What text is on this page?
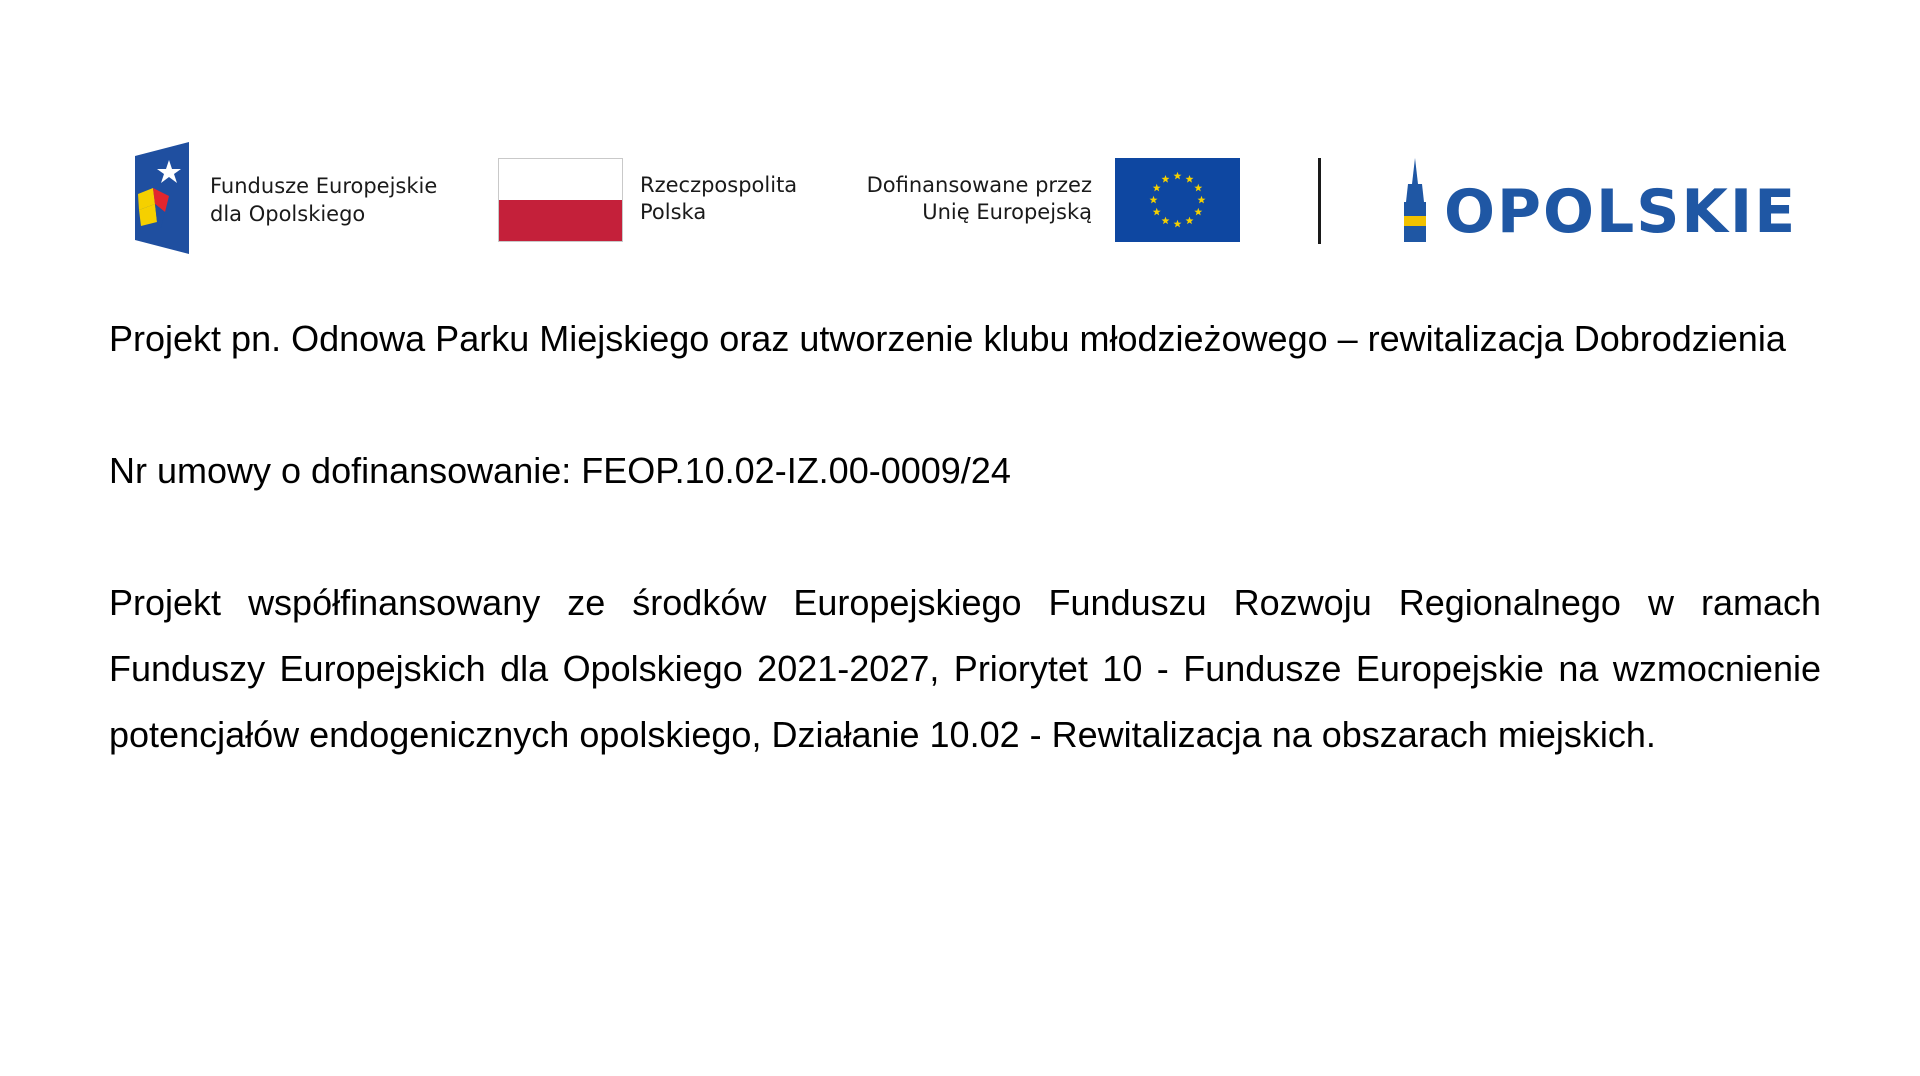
Fundusze Europejskie
dla Opolskiego
Rzeczpospolita
Polska
Dofinansowane przez
Unię Europejską	OPOLSKIE

Projekt pn. Odnowa Parku Miejskiego oraz utworzenie klubu młodzieżowego – rewitalizacja Dobrodzienia

Nr umowy o dofinansowanie: FEOP.10.02-IZ.00-0009/24

Projekt współfinansowany ze środków Europejskiego Funduszu Rozwoju Regionalnego w ramach Funduszy Europejskich dla Opolskiego 2021-2027, Priorytet 10 - Fundusze Europejskie na wzmocnienie potencjałów endogenicznych opolskiego, Działanie 10.02 - Rewitalizacja na obszarach miejskich.
